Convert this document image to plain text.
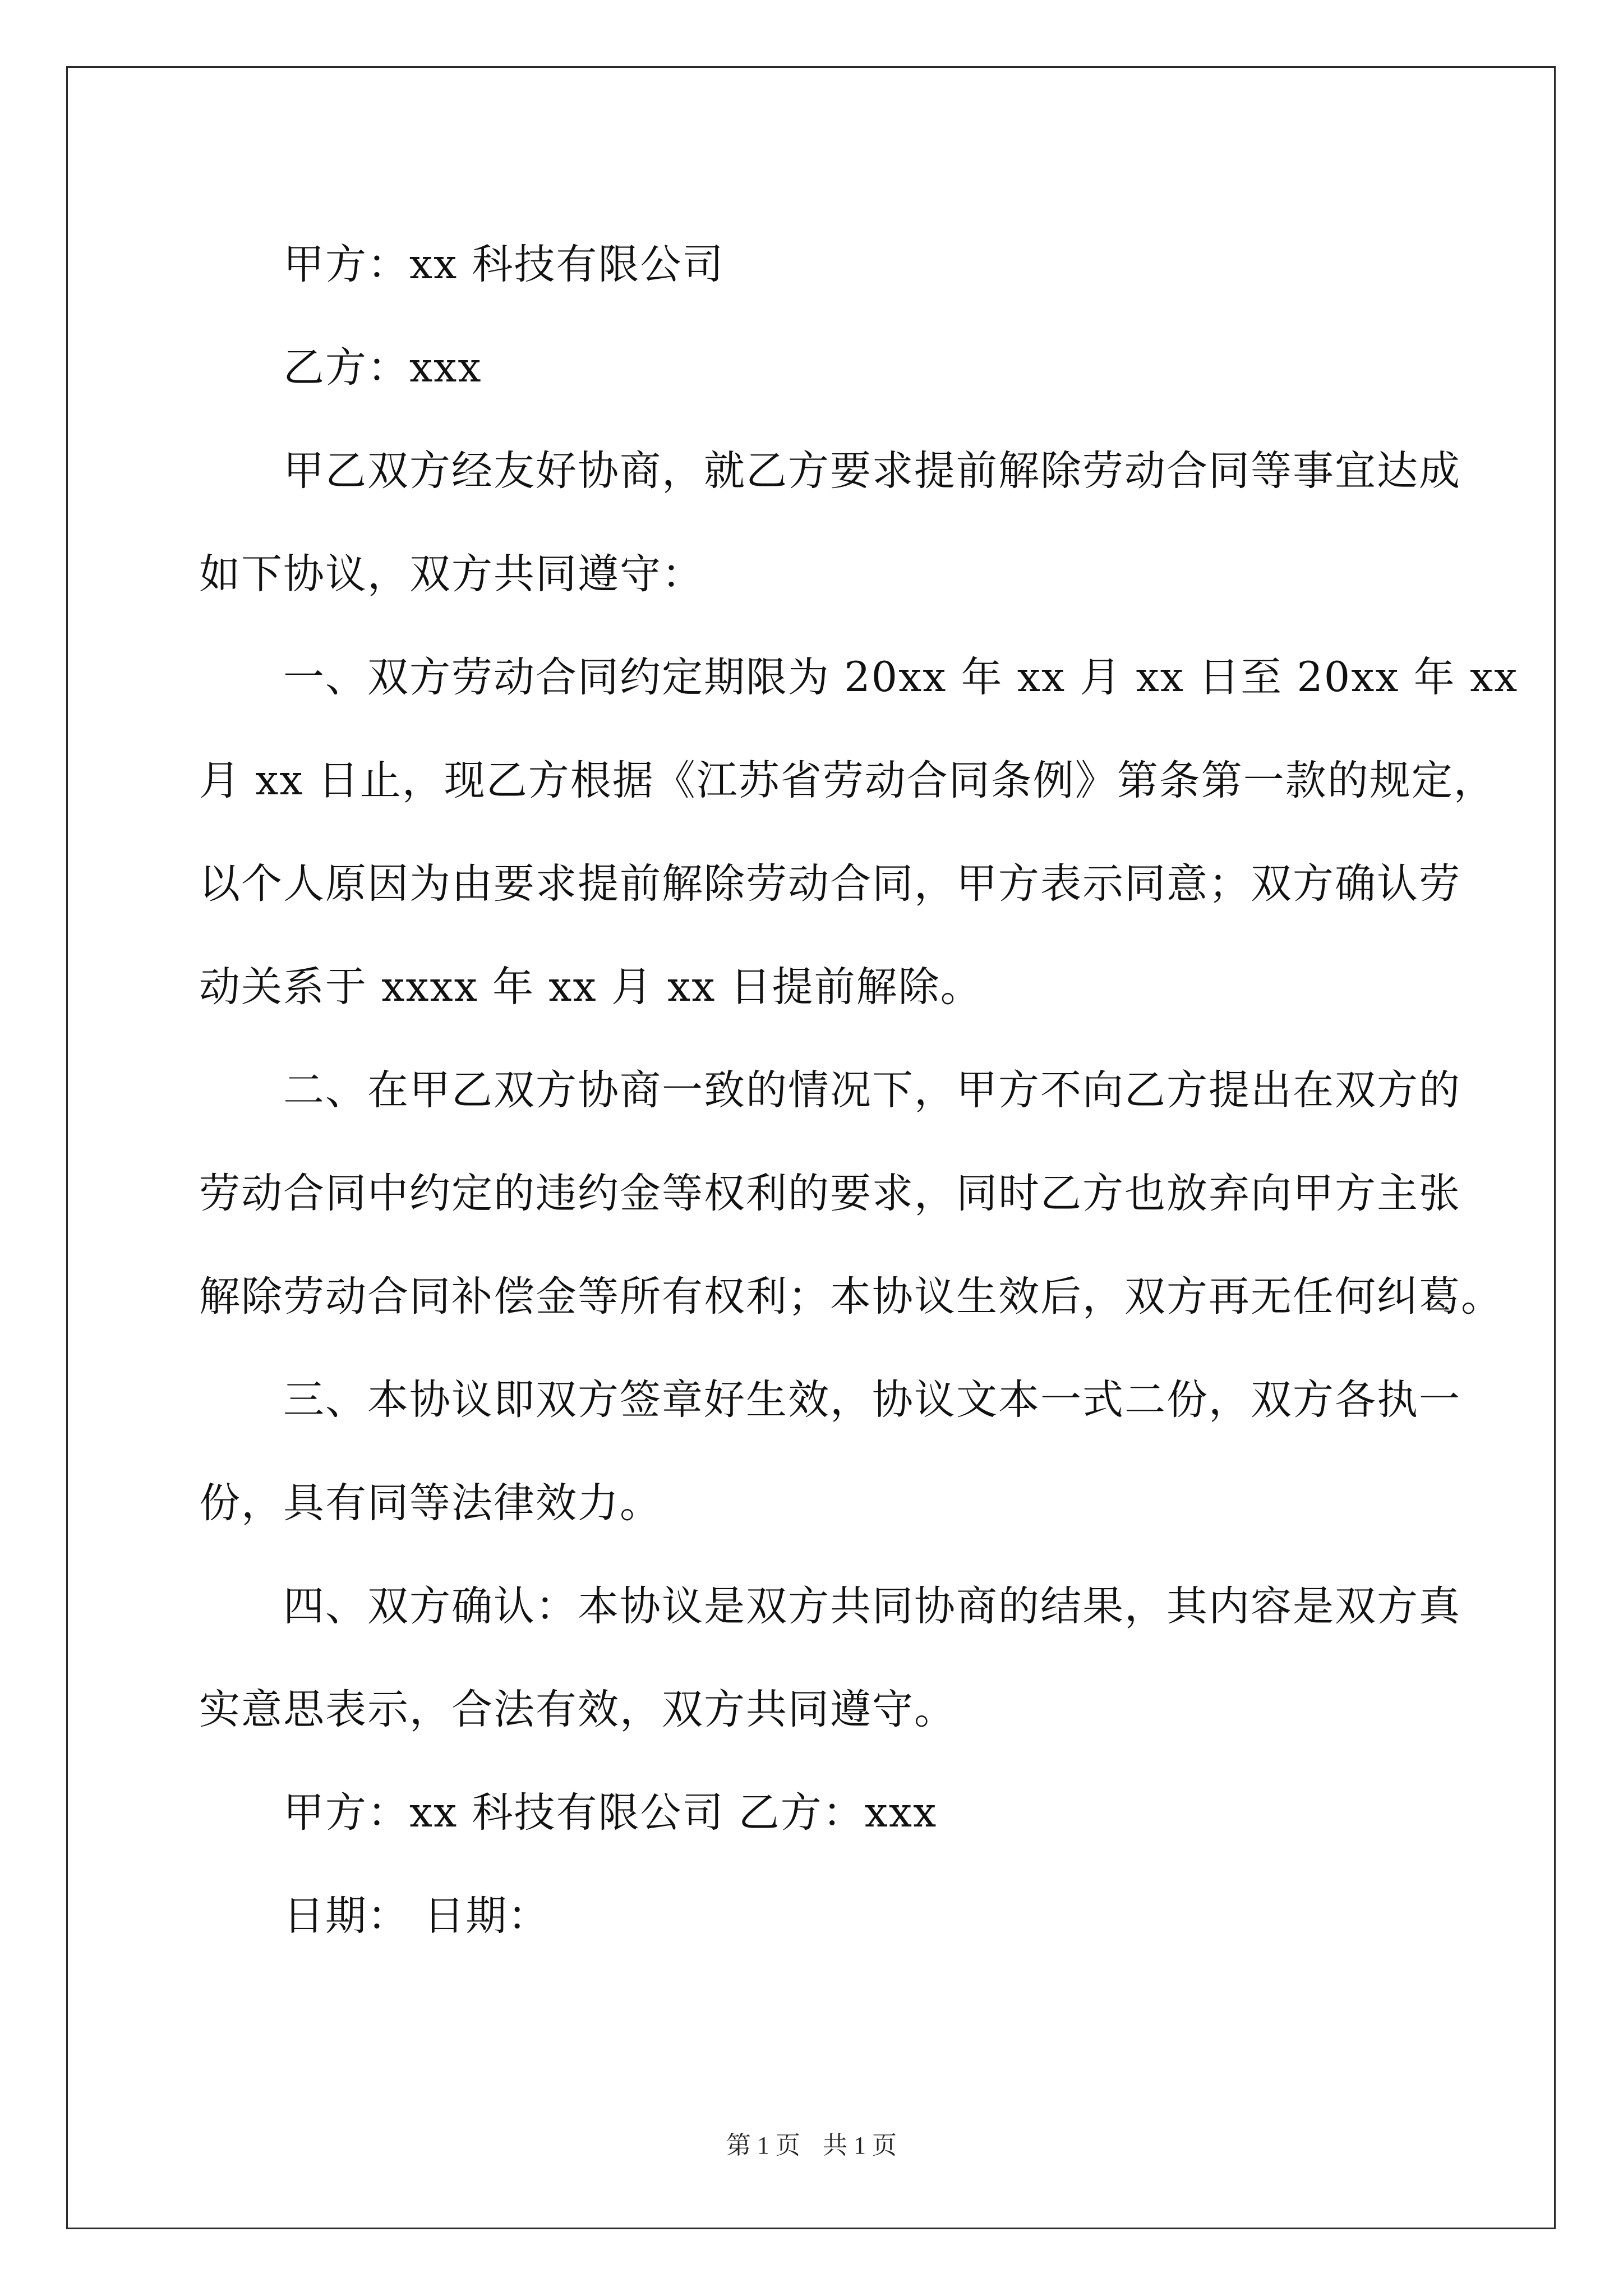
甲方：xx 科技有限公司
乙方：xxx
甲乙双方经友好协商，就乙方要求提前解除劳动合同等事宜达成
如下协议，双方共同遵守：
一、双方劳动合同约定期限为 20xx 年 xx 月 xx 日至 20xx 年 xx
月 xx 日止，现乙方根据《江苏省劳动合同条例》第条第一款的规定，
以个人原因为由要求提前解除劳动合同，甲方表示同意；双方确认劳
动关系于 xxxx 年 xx 月 xx 日提前解除。
二、在甲乙双方协商一致的情况下，甲方不向乙方提出在双方的
劳动合同中约定的违约金等权利的要求，同时乙方也放弃向甲方主张
解除劳动合同补偿金等所有权利；本协议生效后，双方再无任何纠葛。
三、本协议即双方签章好生效，协议文本一式二份，双方各执一
份，具有同等法律效力。
四、双方确认：本协议是双方共同协商的结果，其内容是双方真
实意思表示，合法有效，双方共同遵守。
甲方：xx 科技有限公司 乙方：xxx
日期： 日期：
第 1 页 共 1 页
